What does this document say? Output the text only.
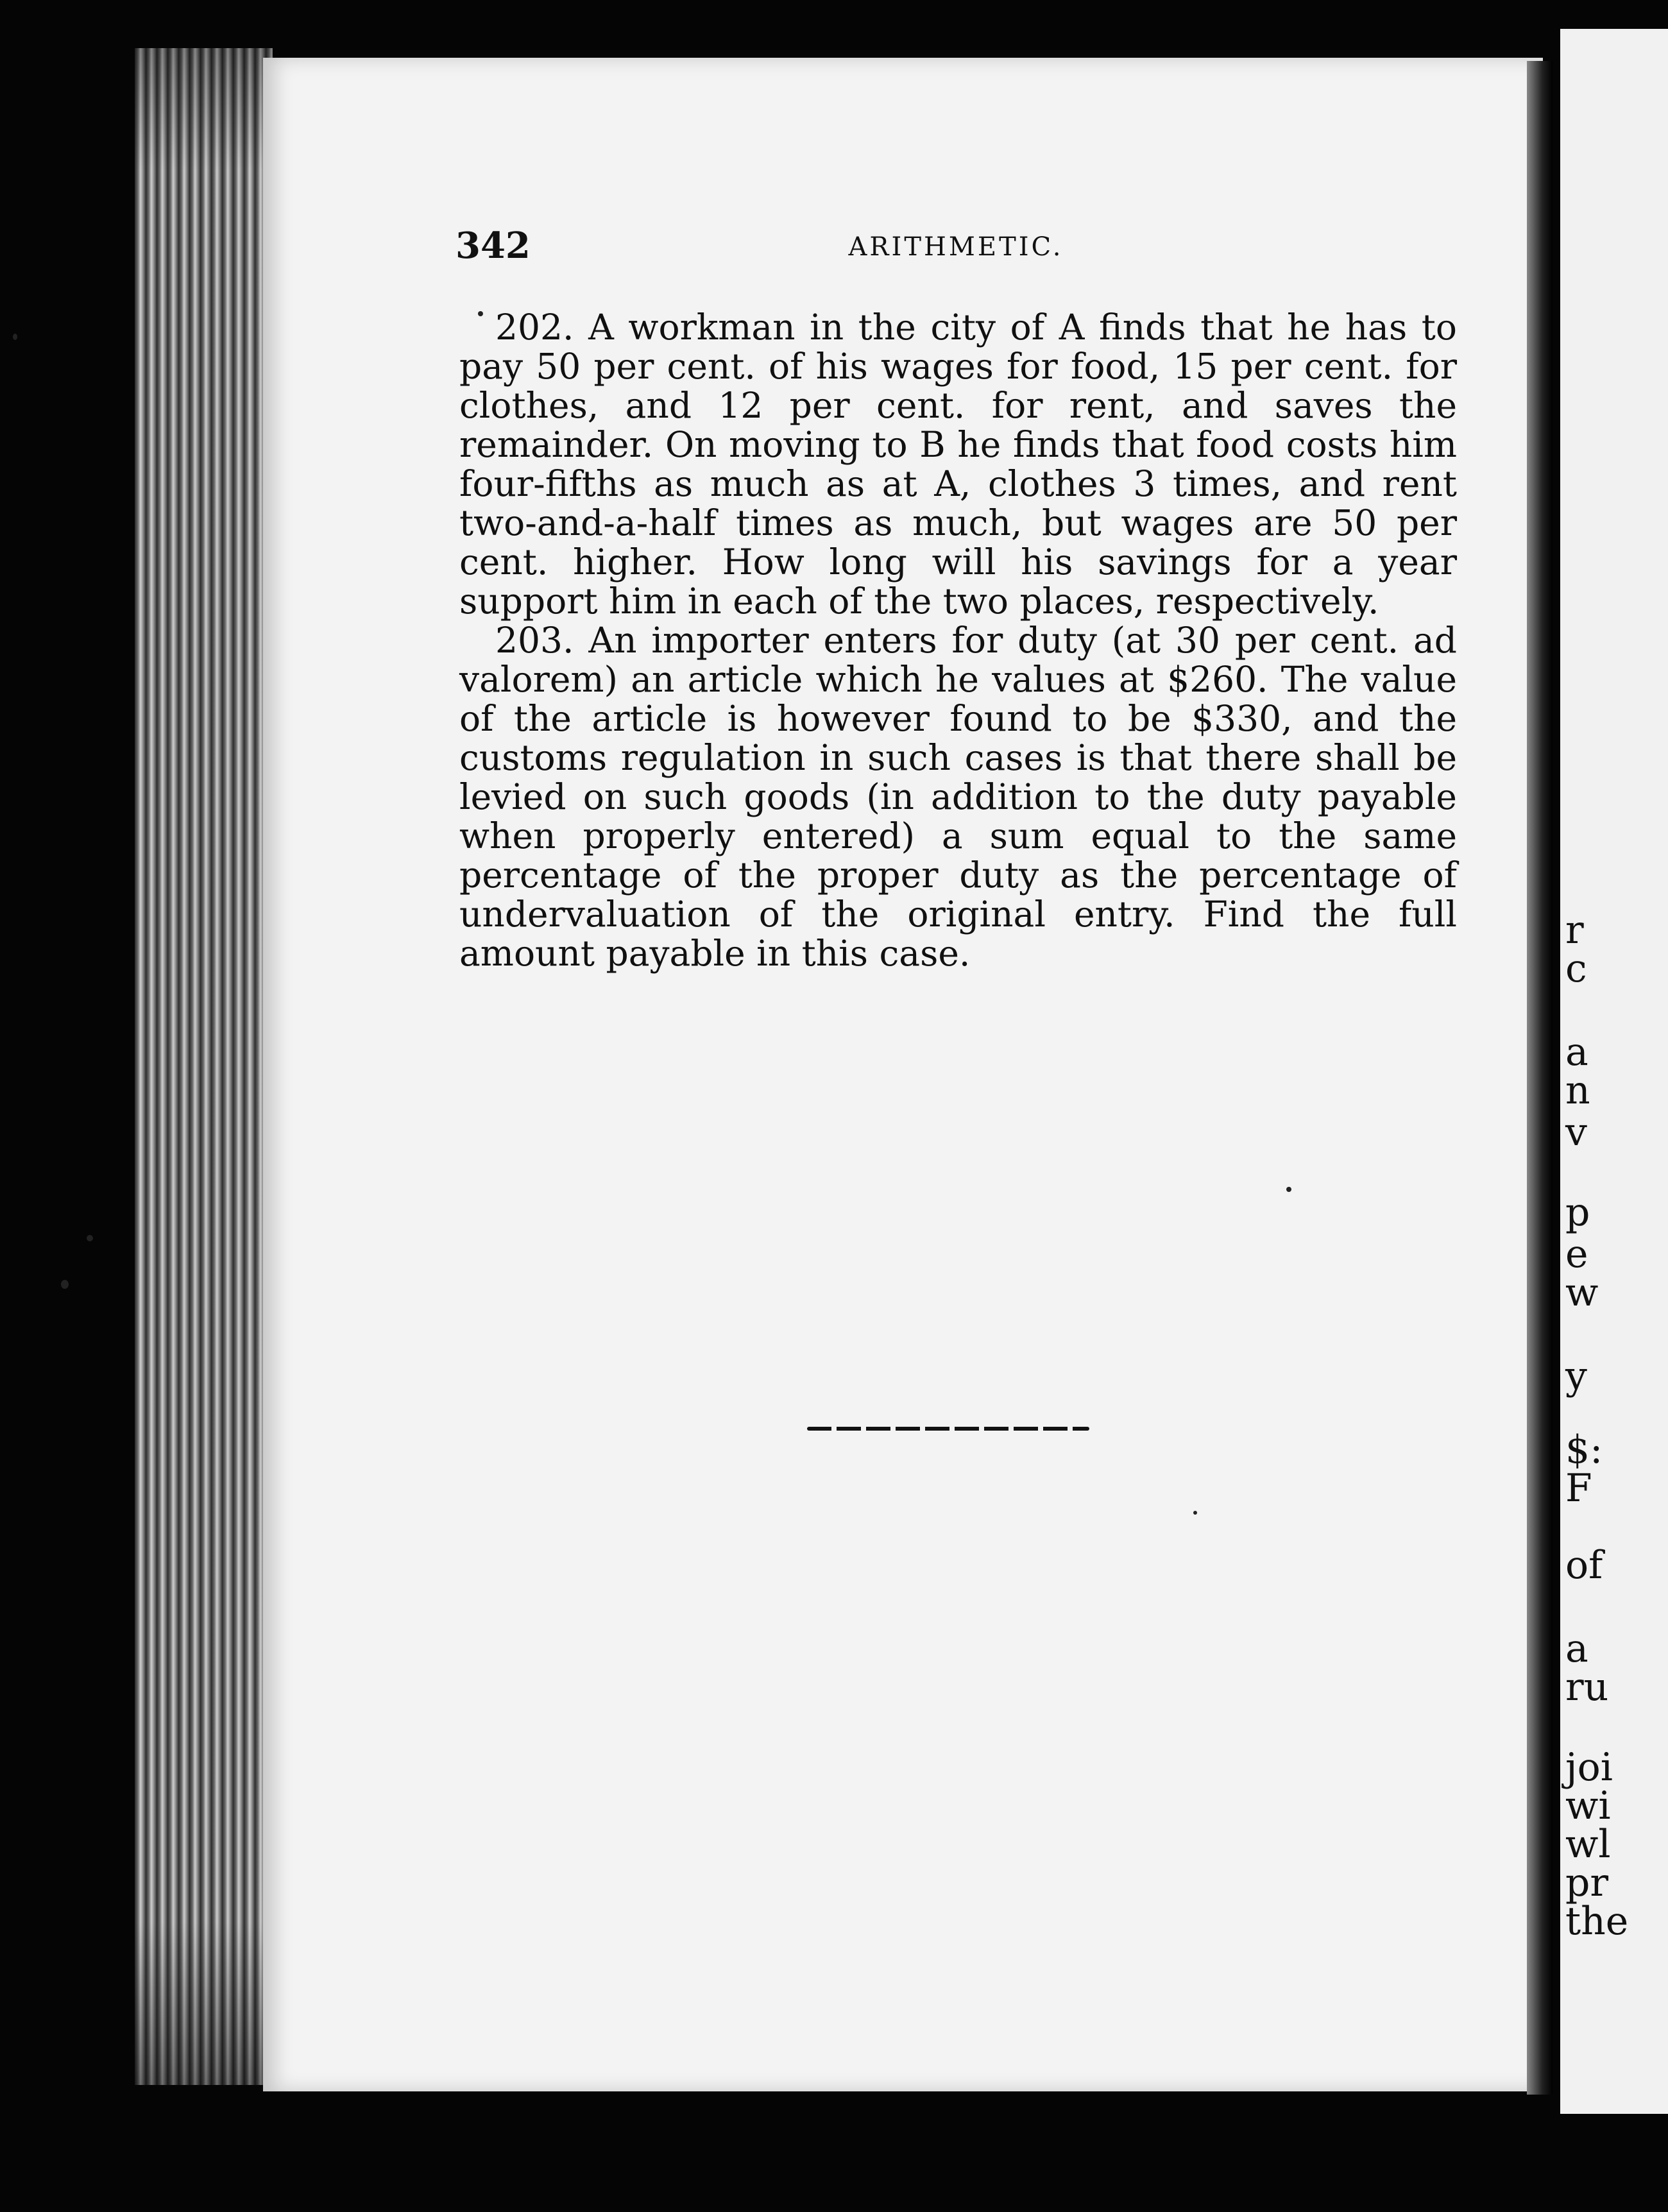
r
c
a
n
v
p
e
w
y
$:
F
of
a
ru
joi
wi
wl
pr
the
342	ARITHMETIC.

202. A workman in the city of A finds that he has to pay 50 per cent. of his wages for food, 15 per cent. for clothes, and 12 per cent. for rent, and saves the remainder. On moving to B he finds that food costs him four-fifths as much as at A, clothes 3 times, and rent two-and-a-half times as much, but wages are 50 per cent. higher. How long will his savings for a year support him in each of the two places, respectively.

203. An importer enters for duty (at 30 per cent. ad valorem) an article which he values at $260. The value of the article is however found to be $330, and the customs regulation in such cases is that there shall be levied on such goods (in addition to the duty payable when properly entered) a sum equal to the same percentage of the proper duty as the percentage of undervaluation of the original entry. Find the full amount payable in this case.
